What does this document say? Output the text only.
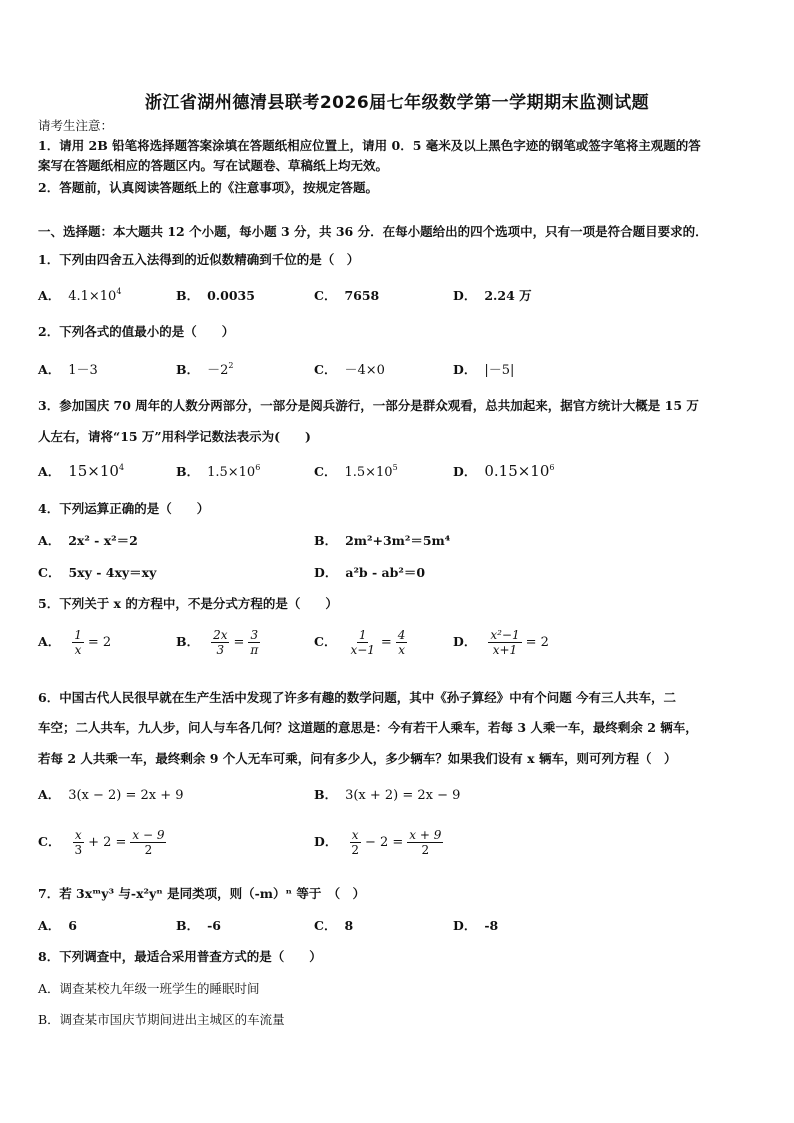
浙江省湖州德清县联考2026届七年级数学第一学期期末监测试题
请考生注意：
1．请用 2B 铅笔将选择题答案涂填在答题纸相应位置上，请用 0．5 毫米及以上黑色字迹的钢笔或签字笔将主观题的答
案写在答题纸相应的答题区内。写在试题卷、草稿纸上均无效。
2．答题前，认真阅读答题纸上的《注意事项》，按规定答题。
一、选择题：本大题共 12 个小题，每小题 3 分，共 36 分．在每小题给出的四个选项中，只有一项是符合题目要求的．
1．下列由四舍五入法得到的近似数精确到千位的是（　）
A． $4.1\times 10^4$	B． 0.0035	C． 7658	D． 2.24 万
2．下列各式的值最小的是（　　）
A． 1－3	B． $-2^2$	C． －4×0	D． |－5|
3．参加国庆 70 周年的人数分两部分，一部分是阅兵游行，一部分是群众观看，总共加起来，据官方统计大概是 15 万
人左右，请将“15 万”用科学记数法表示为(　　)
A． $15\times 10^4$	B． $1.5\times 10^6$	C． $1.5\times 10^5$	D． $0.15\times 10^6$
4．下列运算正确的是（　　）
A． 2x² - x²＝2	B． 2m²+3m²＝5m⁴
C． 5xy - 4xy＝xy	D． a²b - ab²＝0
5．下列关于 x 的方程中，不是分式方程的是（　　）
A． $\frac{1}{x} = 2$	B． $\frac{2x}{3} = \frac{3}{\pi}$	C． $\frac{1}{x-1} = \frac{4}{x}$	D． $\frac{\text{x²−1}}{x+1} = 2$
6．中国古代人民很早就在生产生活中发现了许多有趣的数学问题，其中《孙子算经》中有个问题 今有三人共车，二
车空；二人共车，九人步，问人与车各几何？这道题的意思是：今有若干人乘车，若每 3 人乘一车，最终剩余 2 辆车，
若每 2 人共乘一车，最终剩余 9 个人无车可乘，问有多少人，多少辆车？如果我们设有 x 辆车，则可列方程（　）
A． 3(x − 2) = 2x + 9	B． 3(x + 2) = 2x − 9
C． $\frac{x}{3} + 2 = \frac{x - 9}{2}$	D． $\frac{x}{2} - 2 = \frac{x + 9}{2}$
7．若 3xᵐy³ 与-x²yⁿ 是同类项，则（-m）ⁿ 等于　（　）
A． 6	B． -6	C． 8	D． -8
8．下列调查中，最适合采用普查方式的是（　　）
A．调查某校九年级一班学生的睡眠时间
B．调查某市国庆节期间进出主城区的车流量
